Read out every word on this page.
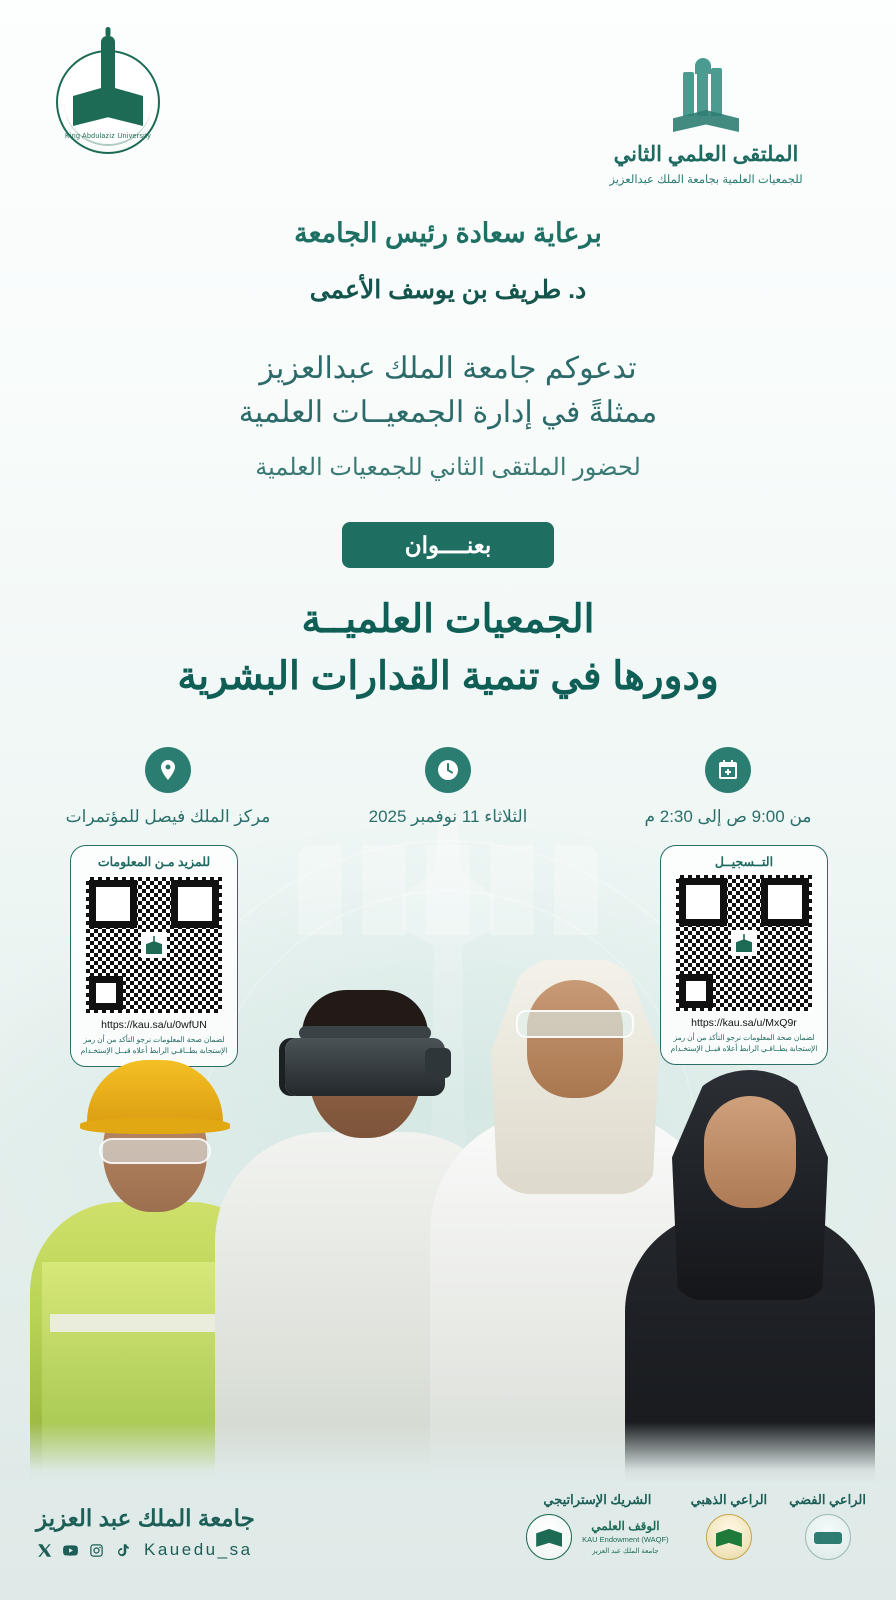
الملتقى العلمي الثاني
للجمعيات العلمية بجامعة الملك عبدالعزيز
King Abdulaziz University
برعاية سعادة رئيس الجامعة
د. طريف بن يوسف الأعمى
تدعوكم جامعة الملك عبدالعزيز
ممثلةً في إدارة الجمعيــات العلمية
لحضور الملتقى الثاني للجمعيات العلمية
بعنــــوان
الجمعيات العلميــة
ودورها في تنمية القدارات البشرية
من 9:00 ص إلى 2:30 م
الثلاثاء 11 نوفمبر 2025
مركز الملك فيصل للمؤتمرات
التــسجيــل
https://kau.sa/u/MxQ9r
لضمان صحة المعلومات نرجو التأكد من أن رمز الإستجابة بطــاقـي الرابط أعلاه قبــل الإستخـدام
للمزيد مـن المعلومات
https://kau.sa/u/0wfUN
لضمان صحة المعلومات نرجو التأكد من أن رمز الإستجابة بطــاقـي الرابط أعلاه قبــل الإستخـدام
الراعي الفضي
الراعي الذهبي
الشريك الإستراتيجي
الوقف العلمي
KAU Endowment (WAQF)
جامعة الملك عبد العزيز
جامعة الملك عبد العزيز
Kauedu_sa
